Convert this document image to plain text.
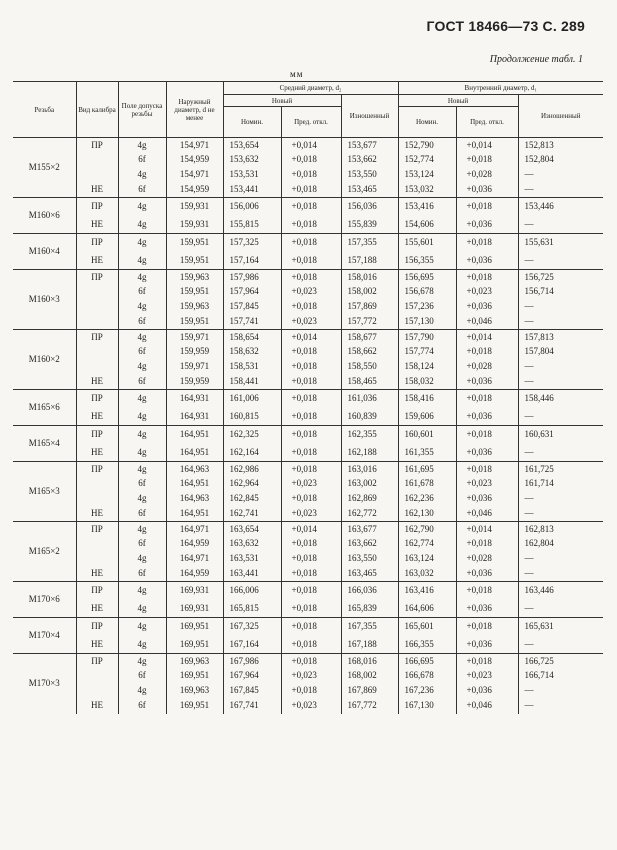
ГОСТ 18466—73 С. 289
Продолжение табл. 1
мм
Резьба	Вид калибра	Поле допуска резьбы	Наружный диаметр, d не менее	Средний диаметр, d₂			Внутренний диаметр, d₁		
				Новый		Изношенный	Новый		Изношенный
				Номин.	Пред. откл.		Номин.	Пред. откл.	
M155×2	ПР	4g	154,971	153,654	+0,014	153,677	152,790	+0,014	152,813
		6f	154,959	153,632	+0,018	153,662	152,774	+0,018	152,804
		4g	154,971	153,531	+0,018	153,550	153,124	+0,028	—
	НЕ	6f	154,959	153,441	+0,018	153,465	153,032	+0,036	—
M160×6	ПР	4g	159,931	156,006	+0,018	156,036	153,416	+0,018	153,446
	НЕ	4g	159,931	155,815	+0,018	155,839	154,606	+0,036	—
M160×4	ПР	4g	159,951	157,325	+0,018	157,355	155,601	+0,018	155,631
	НЕ	4g	159,951	157,164	+0,018	157,188	156,355	+0,036	—
M160×3	ПР	4g	159,963	157,986	+0,018	158,016	156,695	+0,018	156,725
		6f	159,951	157,964	+0,023	158,002	156,678	+0,023	156,714
		4g	159,963	157,845	+0,018	157,869	157,236	+0,036	—
		6f	159,951	157,741	+0,023	157,772	157,130	+0,046	—
M160×2	ПР	4g	159,971	158,654	+0,014	158,677	157,790	+0,014	157,813
		6f	159,959	158,632	+0,018	158,662	157,774	+0,018	157,804
		4g	159,971	158,531	+0,018	158,550	158,124	+0,028	—
	НЕ	6f	159,959	158,441	+0,018	158,465	158,032	+0,036	—
M165×6	ПР	4g	164,931	161,006	+0,018	161,036	158,416	+0,018	158,446
	НЕ	4g	164,931	160,815	+0,018	160,839	159,606	+0,036	—
M165×4	ПР	4g	164,951	162,325	+0,018	162,355	160,601	+0,018	160,631
	НЕ	4g	164,951	162,164	+0,018	162,188	161,355	+0,036	—
M165×3	ПР	4g	164,963	162,986	+0,018	163,016	161,695	+0,018	161,725
		6f	164,951	162,964	+0,023	163,002	161,678	+0,023	161,714
		4g	164,963	162,845	+0,018	162,869	162,236	+0,036	—
	НЕ	6f	164,951	162,741	+0,023	162,772	162,130	+0,046	—
M165×2	ПР	4g	164,971	163,654	+0,014	163,677	162,790	+0,014	162,813
		6f	164,959	163,632	+0,018	163,662	162,774	+0,018	162,804
		4g	164,971	163,531	+0,018	163,550	163,124	+0,028	—
	НЕ	6f	164,959	163,441	+0,018	163,465	163,032	+0,036	—
M170×6	ПР	4g	169,931	166,006	+0,018	166,036	163,416	+0,018	163,446
	НЕ	4g	169,931	165,815	+0,018	165,839	164,606	+0,036	—
M170×4	ПР	4g	169,951	167,325	+0,018	167,355	165,601	+0,018	165,631
	НЕ	4g	169,951	167,164	+0,018	167,188	166,355	+0,036	—
M170×3	ПР	4g	169,963	167,986	+0,018	168,016	166,695	+0,018	166,725
		6f	169,951	167,964	+0,023	168,002	166,678	+0,023	166,714
		4g	169,963	167,845	+0,018	167,869	167,236	+0,036	—
	НЕ	6f	169,951	167,741	+0,023	167,772	167,130	+0,046	—
